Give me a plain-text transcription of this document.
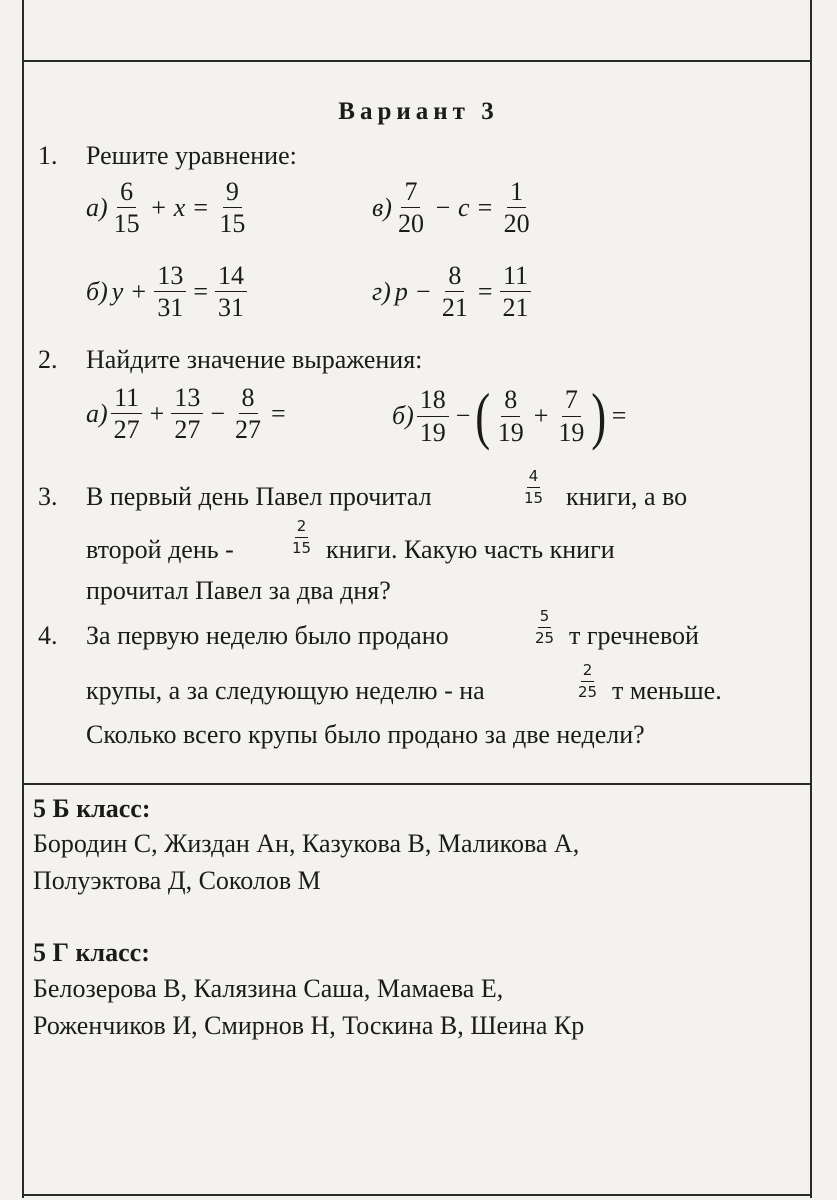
Вариант 3
1. Решите уравнение:
$а) \frac{6}{15} + x = \frac{9}{15}$	$в) \frac{7}{20} - c = \frac{1}{20}$
б) $y + \frac{13}{31} = \frac{14}{31}$	г) $p - \frac{8}{21} = \frac{11}{21}$
2. Найдите значение выражения:
$а) \frac{11}{27} + \frac{13}{27} - \frac{8}{27}$ =	$б) \frac{18}{19}$ − ( $\frac{8}{19} + \frac{7}{19}$ ) =
3. В первый день Павел прочитал
4
15 книги, а во
второй день -
2
15 книги. Какую часть книги
прочитал Павел за два дня?
4. За первую неделю было продано
5
25 т гречневой
крупы, а за следующую неделю - на
2
25 т меньше.
Сколько всего крупы было продано за две недели?
5 Б класс:
Бородин С, Жиздан Ан, Казукова В, Маликова А,
Полуэктова Д, Соколов М
5 Г класс:
Белозерова В, Калязина Саша, Мамаева Е,
Роженчиков И, Смирнов Н, Тоскина В, Шеина Кр
